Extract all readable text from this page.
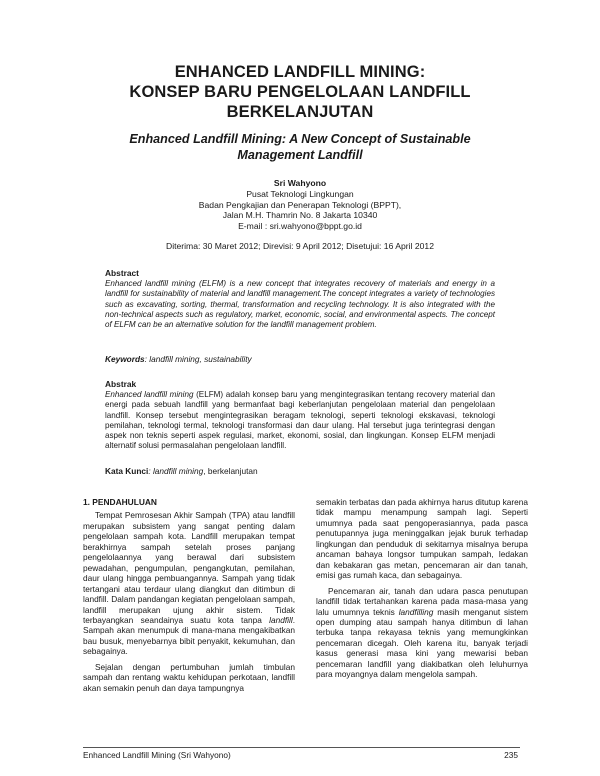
ENHANCED LANDFILL MINING:
KONSEP BARU PENGELOLAAN LANDFILL
BERKELANJUTAN
Enhanced Landfill Mining: A New Concept of Sustainable
Management Landfill
Sri Wahyono
Pusat Teknologi Lingkungan
Badan Pengkajian dan Penerapan Teknologi (BPPT),
Jalan M.H. Thamrin No. 8 Jakarta 10340
E-mail : sri.wahyono@bppt.go.id
Diterima: 30 Maret 2012; Direvisi: 9 April 2012; Disetujui: 16 April 2012
Abstract

Enhanced landfill mining (ELFM) is a new concept that integrates recovery of materials and energy in a landfill for sustainability of material and landfill management.The concept integrates a variety of technologies such as excavating, sorting, thermal, transformation and recycling technology. It is also integrated with the non-technical aspects such as regulatory, market, economic, social, and environmental aspects. The concept of ELFM can be an alternative solution for the landfill management problem.

Keywords: landfill mining, sustainability
Abstrak

Enhanced landfill mining (ELFM) adalah konsep baru yang mengintegrasikan tentang recovery material dan energi pada sebuah landfill yang bermanfaat bagi keberlanjutan pengelolaan material dan pengelolaan landfill. Konsep tersebut mengintegrasikan beragam teknologi, seperti teknologi ekskavasi, teknologi pemilahan, teknologi termal, teknologi transformasi dan daur ulang. Hal tersebut juga terintegrasi dengan aspek non teknis seperti aspek regulasi, market, ekonomi, sosial, dan lingkungan. Konsep ELFM menjadi alternatif solusi permasalahan pengelolaan landfill.

Kata Kunci: landfill mining, berkelanjutan
1. PENDAHULUAN

Tempat Pemrosesan Akhir Sampah (TPA) atau landfill merupakan subsistem yang sangat penting dalam pengelolaan sampah kota. Landfill merupakan tempat berakhirnya sampah setelah proses panjang pengelolaannya yang berawal dari subsistem pewadahan, pengumpulan, pengangkutan, pemilahan, daur ulang hingga pembuangannya. Sampah yang tidak tertangani atau terdaur ulang diangkut dan ditimbun di landfill. Dalam pandangan kegiatan pengelolaan sampah, landfill merupakan ujung akhir sistem. Tidak terbayangkan seandainya suatu kota tanpa landfill. Sampah akan menumpuk di mana-mana mengakibatkan bau busuk, menyebarnya bibit penyakit, kekumuhan, dan sebagainya.

Sejalan dengan pertumbuhan jumlah timbulan sampah dan rentang waktu kehidupan perkotaan, landfill akan semakin penuh dan daya tampungnya

semakin terbatas dan pada akhirnya harus ditutup karena tidak mampu menampung sampah lagi. Seperti umumnya pada saat pengoperasiannya, pada pasca penutupannya juga meninggalkan jejak buruk terhadap lingkungan dan penduduk di sekitarnya misalnya berupa ancaman bahaya longsor tumpukan sampah, ledakan dan kebakaran gas metan, pencemaran air dan tanah, emisi gas rumah kaca, dan sebagainya.

Pencemaran air, tanah dan udara pasca penutupan landfill tidak tertahankan karena pada masa-masa yang lalu umumnya teknis landfilling masih menganut sistem open dumping atau sampah hanya ditimbun di lahan terbuka tanpa rekayasa teknis yang memungkinkan pencemaran dicegah. Oleh karena itu, banyak terjadi kasus generasi masa kini yang mewarisi beban pencemaran landfill yang diakibatkan oleh leluhurnya para moyangnya dalam mengelola sampah.

Enhanced Landfill Mining (Sri Wahyono)	235
